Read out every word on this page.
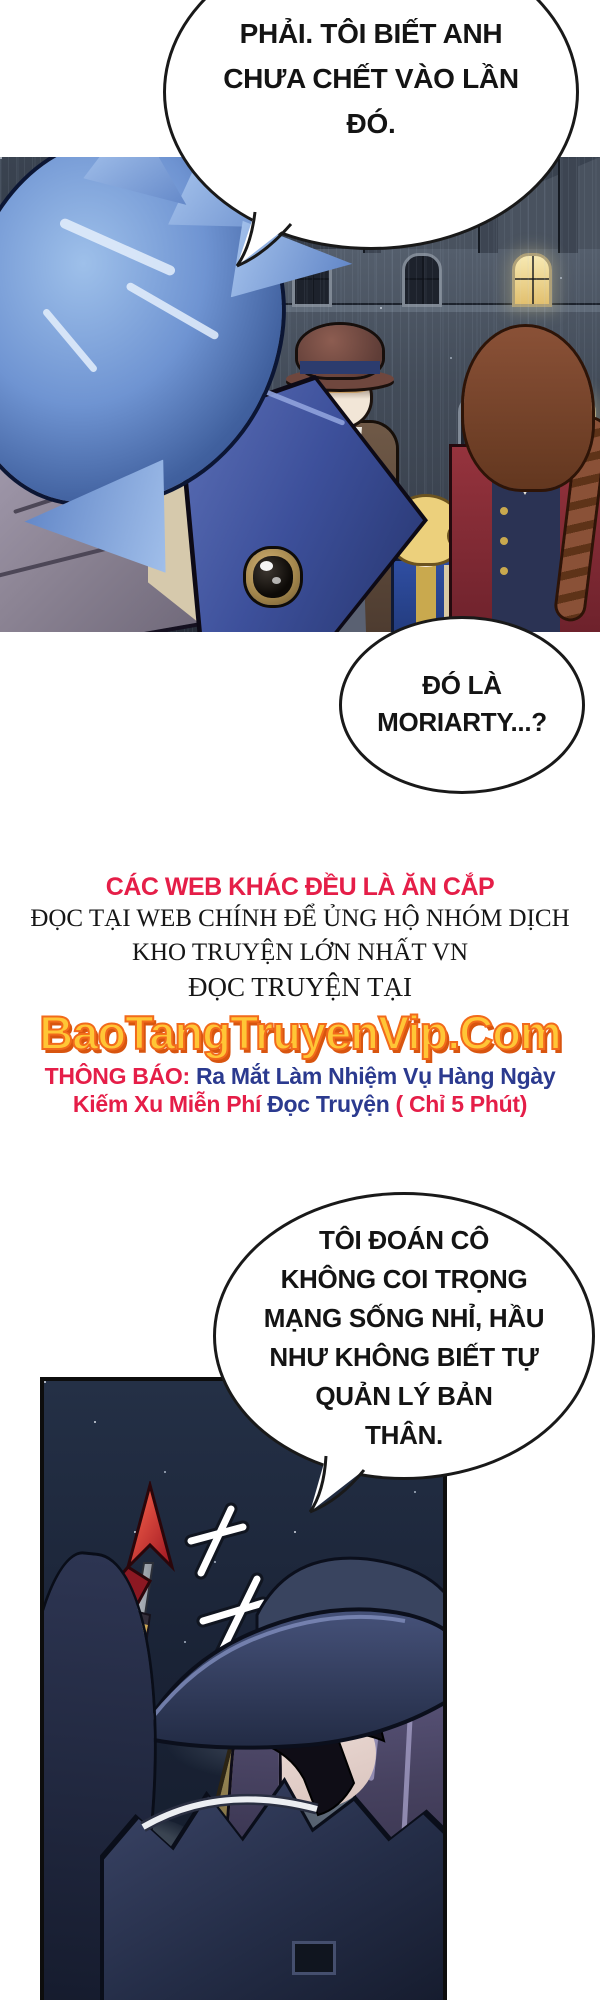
PHẢI. TÔI BIẾT ANH
CHƯA CHẾT VÀO LẦN
ĐÓ.
ĐÓ LÀ
MORIARTY...?
CÁC WEB KHÁC ĐỀU LÀ ĂN CẮP
ĐỌC TẠI WEB CHÍNH ĐỂ ỦNG HỘ NHÓM DỊCH
KHO TRUYỆN LỚN NHẤT VN
ĐỌC TRUYỆN TẠI
BaoTangTruyenVip.Com
THÔNG BÁO: Ra Mắt Làm Nhiệm Vụ Hàng Ngày
Kiếm Xu Miễn Phí Đọc Truyện ( Chỉ 5 Phút)
TÔI ĐOÁN CÔ
KHÔNG COI TRỌNG
MẠNG SỐNG NHỈ, HẦU
NHƯ KHÔNG BIẾT TỰ
QUẢN LÝ BẢN
THÂN.
